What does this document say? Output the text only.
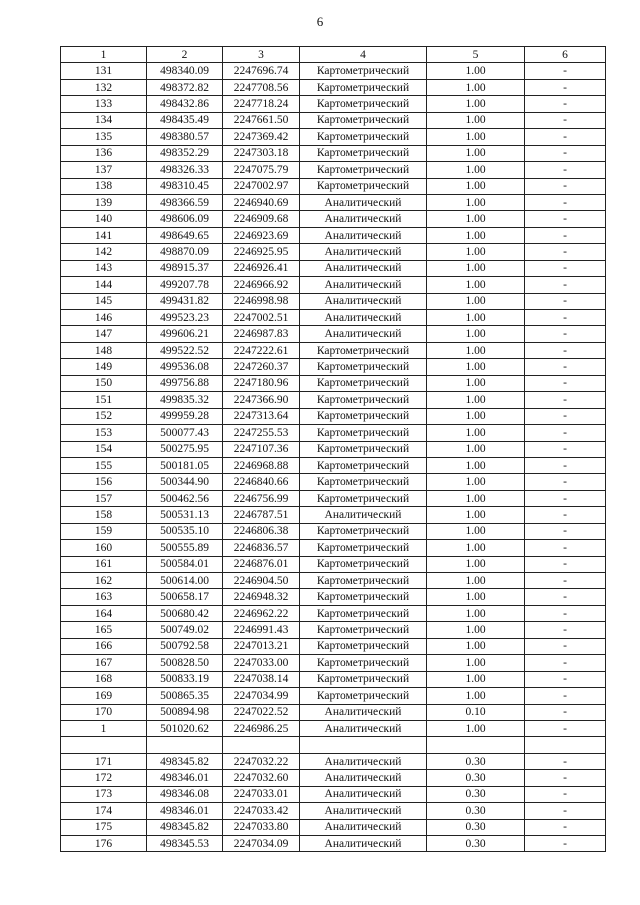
6
1	2	3	4	5	6
131	498340.09	2247696.74	Картометрический	1.00	-
132	498372.82	2247708.56	Картометрический	1.00	-
133	498432.86	2247718.24	Картометрический	1.00	-
134	498435.49	2247661.50	Картометрический	1.00	-
135	498380.57	2247369.42	Картометрический	1.00	-
136	498352.29	2247303.18	Картометрический	1.00	-
137	498326.33	2247075.79	Картометрический	1.00	-
138	498310.45	2247002.97	Картометрический	1.00	-
139	498366.59	2246940.69	Аналитический	1.00	-
140	498606.09	2246909.68	Аналитический	1.00	-
141	498649.65	2246923.69	Аналитический	1.00	-
142	498870.09	2246925.95	Аналитический	1.00	-
143	498915.37	2246926.41	Аналитический	1.00	-
144	499207.78	2246966.92	Аналитический	1.00	-
145	499431.82	2246998.98	Аналитический	1.00	-
146	499523.23	2247002.51	Аналитический	1.00	-
147	499606.21	2246987.83	Аналитический	1.00	-
148	499522.52	2247222.61	Картометрический	1.00	-
149	499536.08	2247260.37	Картометрический	1.00	-
150	499756.88	2247180.96	Картометрический	1.00	-
151	499835.32	2247366.90	Картометрический	1.00	-
152	499959.28	2247313.64	Картометрический	1.00	-
153	500077.43	2247255.53	Картометрический	1.00	-
154	500275.95	2247107.36	Картометрический	1.00	-
155	500181.05	2246968.88	Картометрический	1.00	-
156	500344.90	2246840.66	Картометрический	1.00	-
157	500462.56	2246756.99	Картометрический	1.00	-
158	500531.13	2246787.51	Аналитический	1.00	-
159	500535.10	2246806.38	Картометрический	1.00	-
160	500555.89	2246836.57	Картометрический	1.00	-
161	500584.01	2246876.01	Картометрический	1.00	-
162	500614.00	2246904.50	Картометрический	1.00	-
163	500658.17	2246948.32	Картометрический	1.00	-
164	500680.42	2246962.22	Картометрический	1.00	-
165	500749.02	2246991.43	Картометрический	1.00	-
166	500792.58	2247013.21	Картометрический	1.00	-
167	500828.50	2247033.00	Картометрический	1.00	-
168	500833.19	2247038.14	Картометрический	1.00	-
169	500865.35	2247034.99	Картометрический	1.00	-
170	500894.98	2247022.52	Аналитический	0.10	-
1	501020.62	2246986.25	Аналитический	1.00	-

171	498345.82	2247032.22	Аналитический	0.30	-
172	498346.01	2247032.60	Аналитический	0.30	-
173	498346.08	2247033.01	Аналитический	0.30	-
174	498346.01	2247033.42	Аналитический	0.30	-
175	498345.82	2247033.80	Аналитический	0.30	-
176	498345.53	2247034.09	Аналитический	0.30	-
